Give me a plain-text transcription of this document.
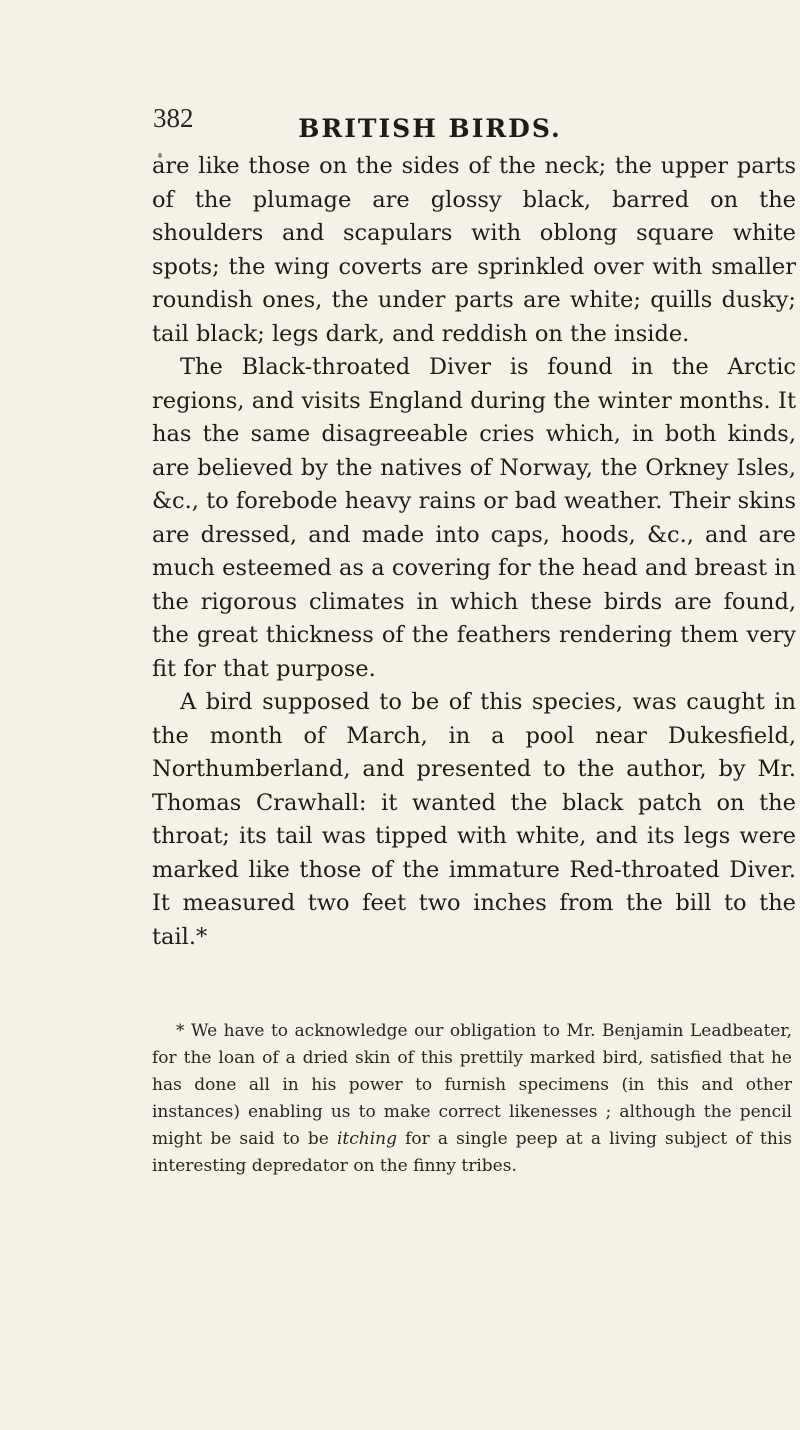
382	BRITISH BIRDS.

are like those on the sides of the neck; the upper parts of the plumage are glossy black, barred on the shoulders and scapulars with oblong square white spots; the wing coverts are sprinkled over with smaller roundish ones, the under parts are white; quills dusky; tail black; legs dark, and reddish on the inside.

The Black-throated Diver is found in the Arctic regions, and visits England during the winter months. It has the same disagreeable cries which, in both kinds, are believed by the natives of Norway, the Orkney Isles, &c., to forebode heavy rains or bad weather. Their skins are dressed, and made into caps, hoods, &c., and are much esteemed as a covering for the head and breast in the rigorous climates in which these birds are found, the great thickness of the feathers rendering them very fit for that purpose.

A bird supposed to be of this species, was caught in the month of March, in a pool near Dukesfield, Northumberland, and presented to the author, by Mr. Thomas Crawhall: it wanted the black patch on the throat; its tail was tipped with white, and its legs were marked like those of the immature Red-throated Diver. It measured two feet two inches from the bill to the tail.*

* We have to acknowledge our obligation to Mr. Benjamin Leadbeater, for the loan of a dried skin of this prettily marked bird, satisfied that he has done all in his power to furnish specimens (in this and other instances) enabling us to make correct likenesses ; although the pencil might be said to be itching for a single peep at a living subject of this interesting depredator on the finny tribes.
